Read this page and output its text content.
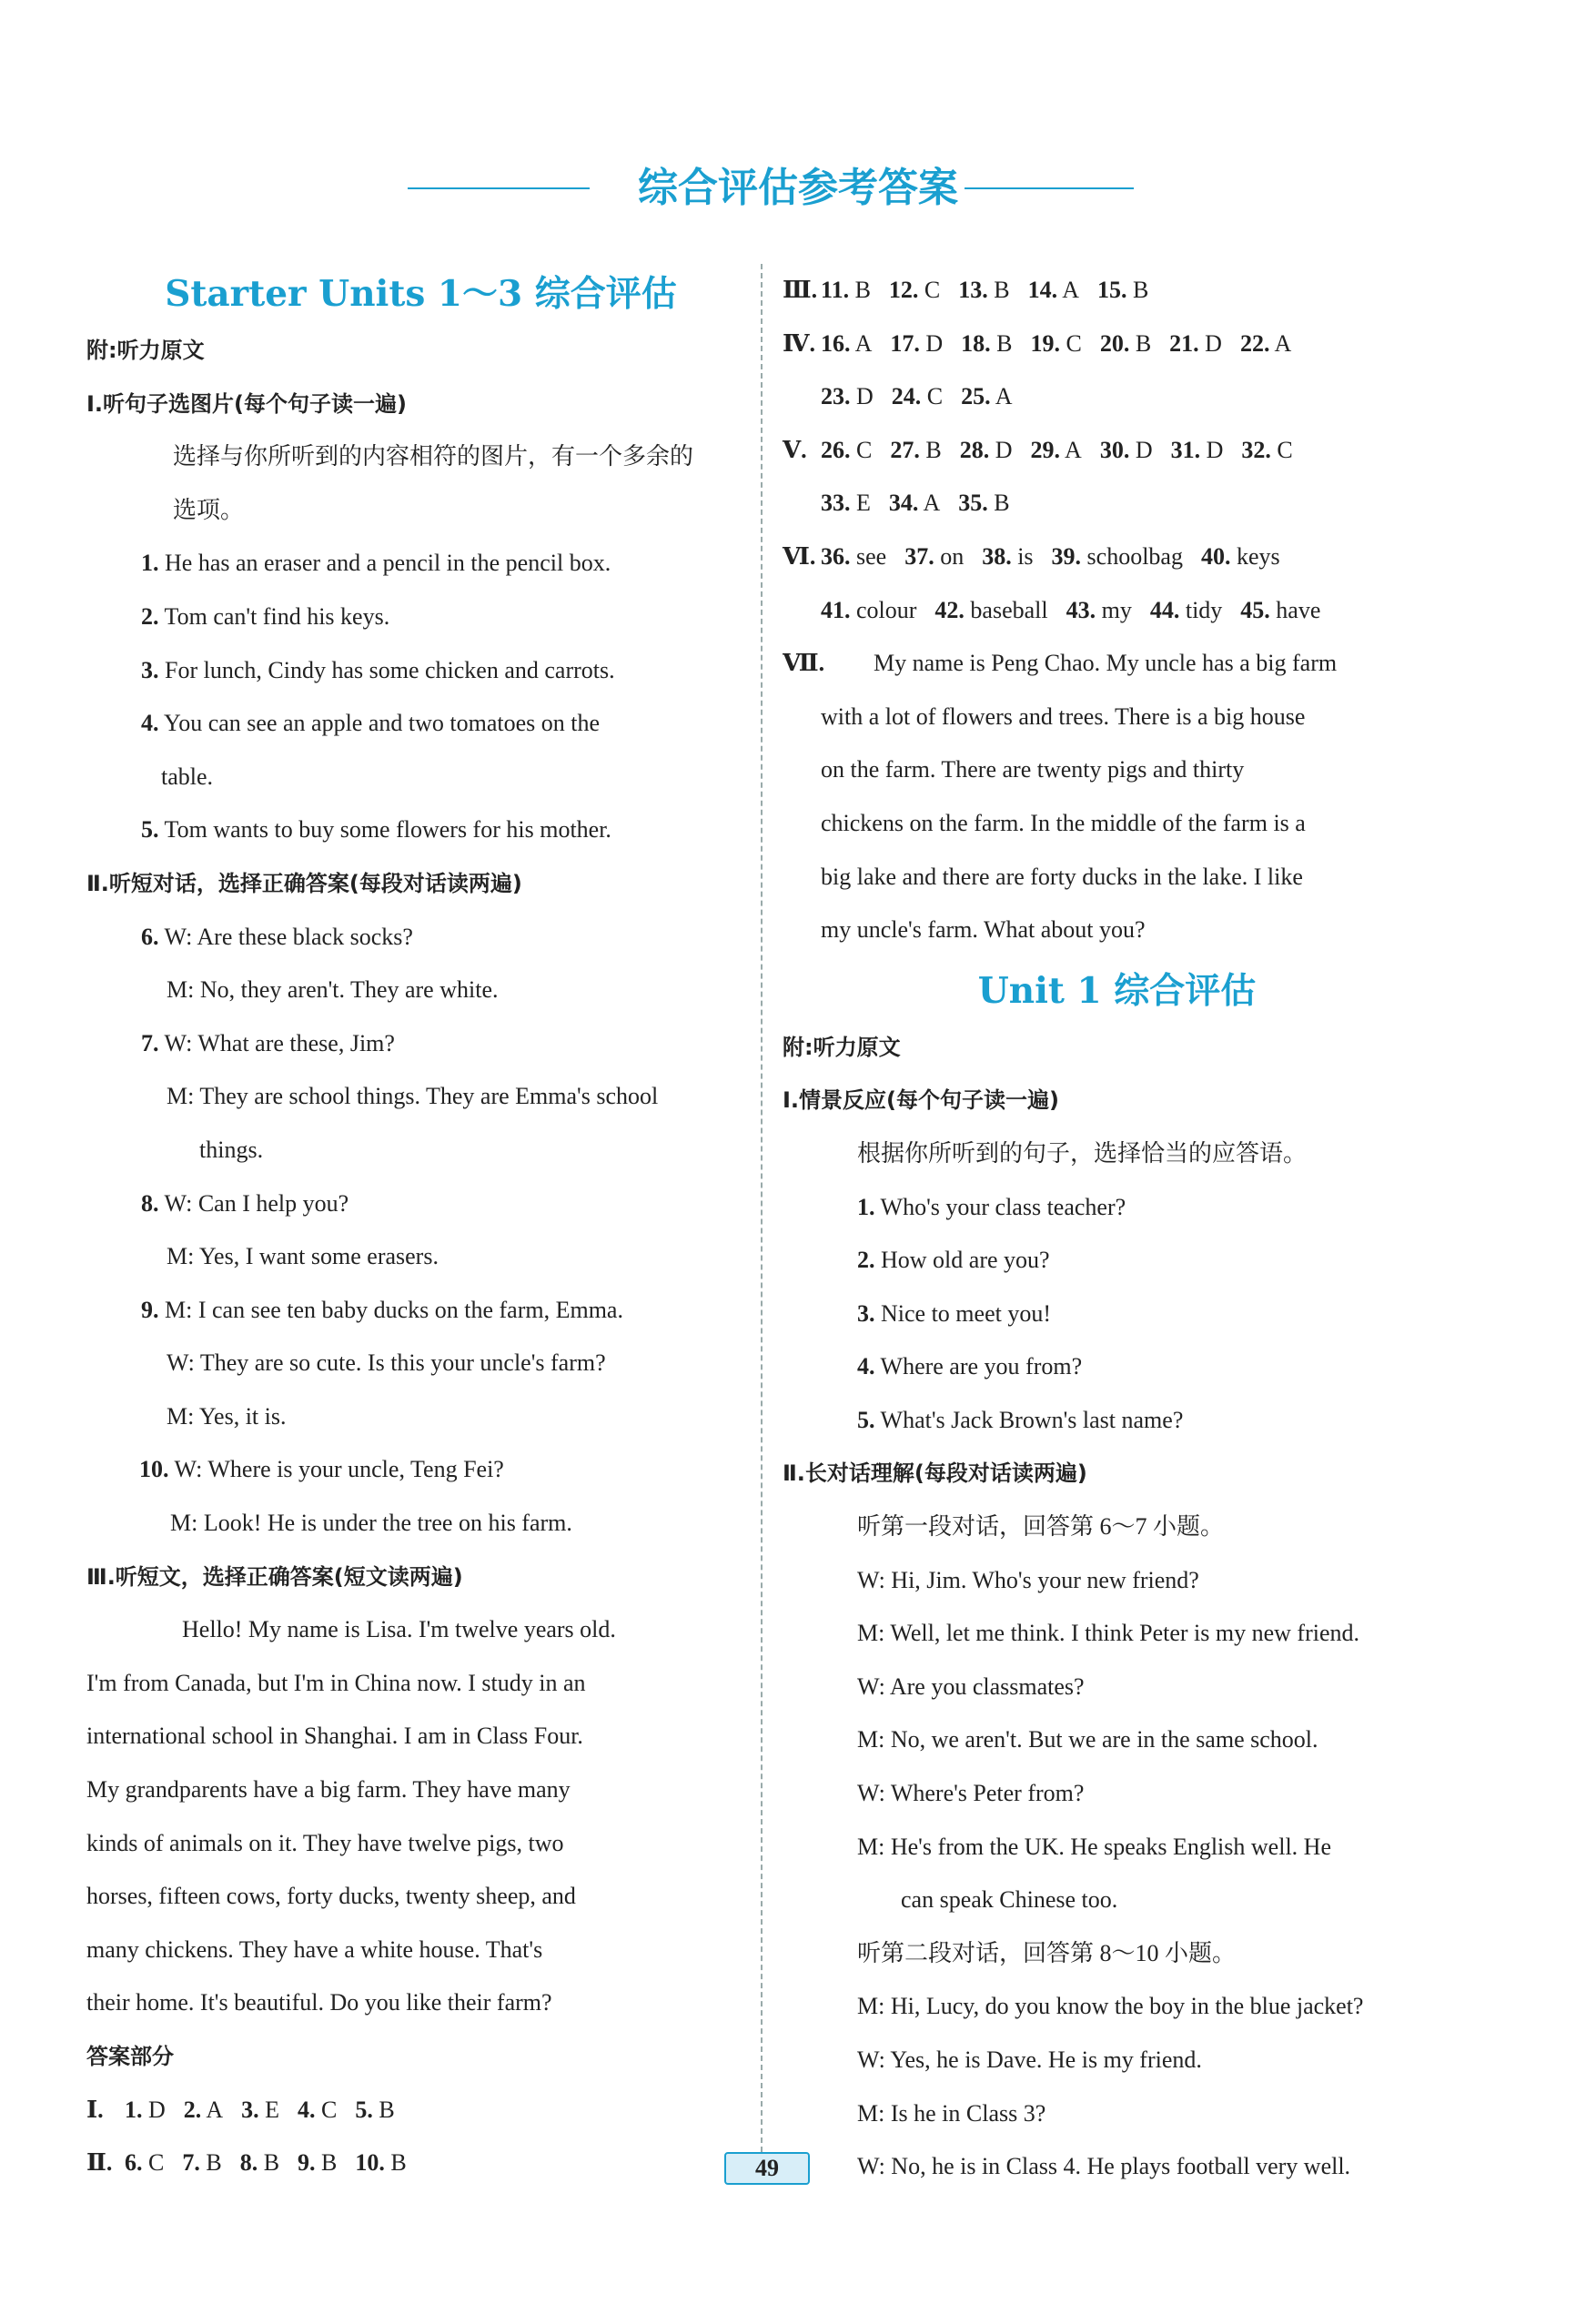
综合评估参考答案
Starter Units 1～3 综合评估
附:听力原文
Ⅰ.听句子选图片(每个句子读一遍)
选择与你所听到的内容相符的图片，有一个多余的
选项。
1. He has an eraser and a pencil in the pencil box.
2. Tom can't find his keys.
3. For lunch, Cindy has some chicken and carrots.
4. You can see an apple and two tomatoes on the
table.
5. Tom wants to buy some flowers for his mother.
Ⅱ.听短对话，选择正确答案(每段对话读两遍)
6. W: Are these black socks?
M: No, they aren't. They are white.
7. W: What are these, Jim?
M: They are school things. They are Emma's school
things.
8. W: Can I help you?
M: Yes, I want some erasers.
9. M: I can see ten baby ducks on the farm, Emma.
W: They are so cute. Is this your uncle's farm?
M: Yes, it is.
10. W: Where is your uncle, Teng Fei?
M: Look! He is under the tree on his farm.
Ⅲ.听短文，选择正确答案(短文读两遍)
Hello! My name is Lisa. I'm twelve years old.
I'm from Canada, but I'm in China now. I study in an
international school in Shanghai. I am in Class Four.
My grandparents have a big farm. They have many
kinds of animals on it. They have twelve pigs, two
horses, fifteen cows, forty ducks, twenty sheep, and
many chickens. They have a white house. That's
their home. It's beautiful. Do you like their farm?
答案部分
Ⅰ. 1. D 2. A 3. E 4. C 5. B
Ⅱ. 6. C 7. B 8. B 9. B 10. B
Ⅲ. 11. B 12. C 13. B 14. A 15. B
Ⅳ. 16. A 17. D 18. B 19. C 20. B 21. D 22. A
23. D 24. C 25. A
Ⅴ. 26. C 27. B 28. D 29. A 30. D 31. D 32. C
33. E 34. A 35. B
Ⅵ. 36. see 37. on 38. is 39. schoolbag 40. keys
41. colour 42. baseball 43. my 44. tidy 45. have
Ⅶ. My name is Peng Chao. My uncle has a big farm
with a lot of flowers and trees. There is a big house
on the farm. There are twenty pigs and thirty
chickens on the farm. In the middle of the farm is a
big lake and there are forty ducks in the lake. I like
my uncle's farm. What about you?
Unit 1 综合评估
附:听力原文
Ⅰ.情景反应(每个句子读一遍)
根据你所听到的句子，选择恰当的应答语。
1. Who's your class teacher?
2. How old are you?
3. Nice to meet you!
4. Where are you from?
5. What's Jack Brown's last name?
Ⅱ.长对话理解(每段对话读两遍)
听第一段对话，回答第 6～7 小题。
W: Hi, Jim. Who's your new friend?
M: Well, let me think. I think Peter is my new friend.
W: Are you classmates?
M: No, we aren't. But we are in the same school.
W: Where's Peter from?
M: He's from the UK. He speaks English well. He
can speak Chinese too.
听第二段对话，回答第 8～10 小题。
M: Hi, Lucy, do you know the boy in the blue jacket?
W: Yes, he is Dave. He is my friend.
M: Is he in Class 3?
W: No, he is in Class 4. He plays football very well.
49
